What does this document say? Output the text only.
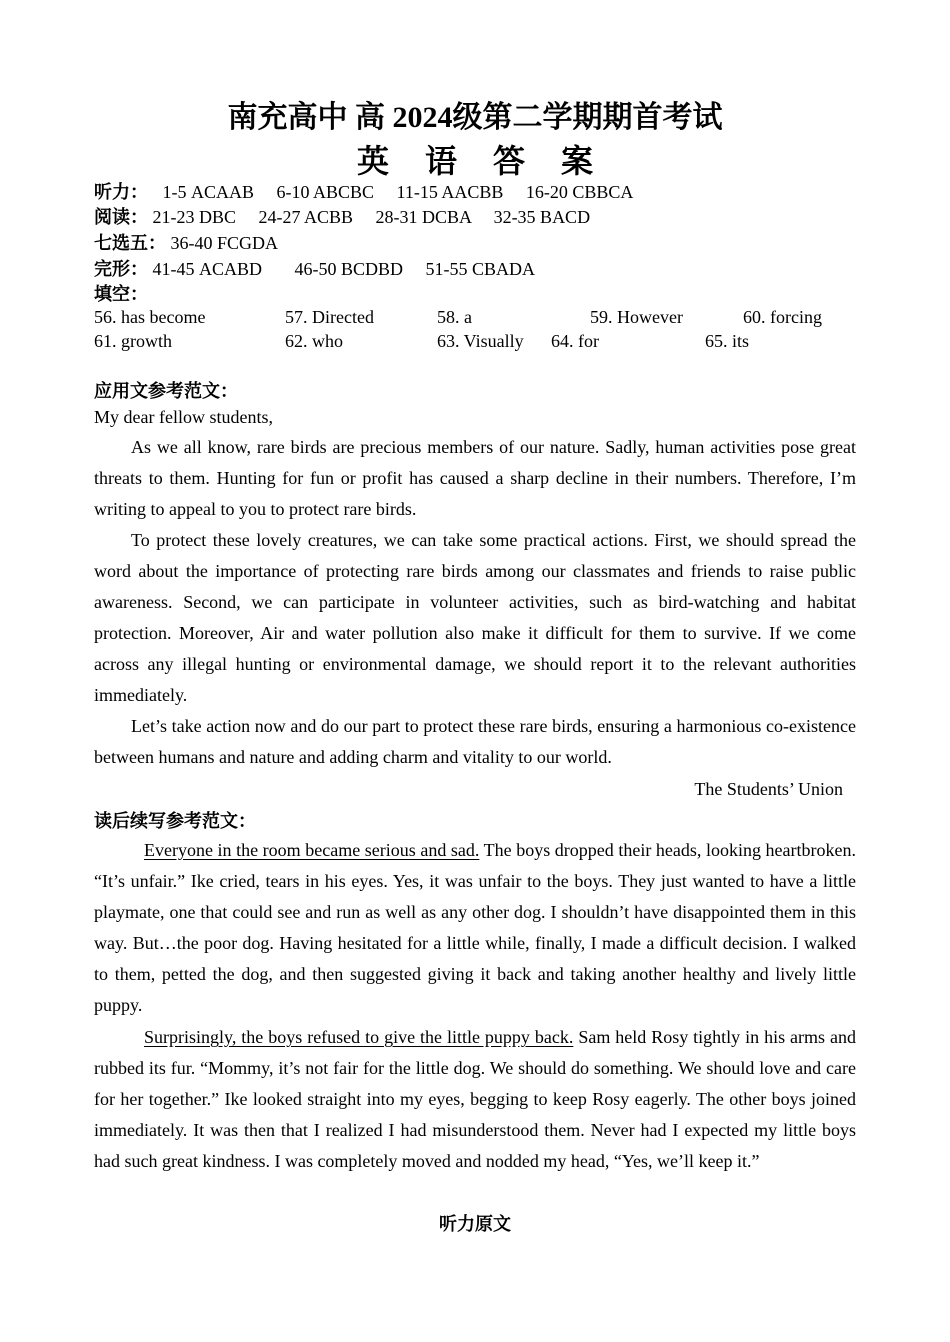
南充高中 高 2024级第二学期期首考试
英 语 答 案
听力： 1-5 ACAAB 6-10 ABCBC 11-15 AACBB 16-20 CBBCA
阅读： 21-23 DBC 24-27 ACBB 28-31 DCBA 32-35 BACD
七选五： 36-40 FCGDA
完形： 41-45 ACABD 46-50 BCDBD 51-55 CBADA
填空：
56. has become	57. Directed	58. a	59. However	60. forcing
61. growth	62. who	63. Visually 64. for	65. its
应用文参考范文：
My dear fellow students,
As we all know, rare birds are precious members of our nature. Sadly, human activities pose great threats to them. Hunting for fun or profit has caused a sharp decline in their numbers. Therefore, I’m writing to appeal to you to protect rare birds.
To protect these lovely creatures, we can take some practical actions. First, we should spread the word about the importance of protecting rare birds among our classmates and friends to raise public awareness. Second, we can participate in volunteer activities, such as bird-watching and habitat protection. Moreover, Air and water pollution also make it difficult for them to survive. If we come across any illegal hunting or environmental damage, we should report it to the relevant authorities immediately.
Let’s take action now and do our part to protect these rare birds, ensuring a harmonious co-existence between humans and nature and adding charm and vitality to our world.
The Students’ Union
读后续写参考范文：
Everyone in the room became serious and sad. The boys dropped their heads, looking heartbroken. “It’s unfair.” Ike cried, tears in his eyes. Yes, it was unfair to the boys. They just wanted to have a little playmate, one that could see and run as well as any other dog. I shouldn’t have disappointed them in this way. But…the poor dog. Having hesitated for a little while, finally, I made a difficult decision. I walked to them, petted the dog, and then suggested giving it back and taking another healthy and lively little puppy.
Surprisingly, the boys refused to give the little puppy back. Sam held Rosy tightly in his arms and rubbed its fur. “Mommy, it’s not fair for the little dog. We should do something. We should love and care for her together.” Ike looked straight into my eyes, begging to keep Rosy eagerly. The other boys joined immediately. It was then that I realized I had misunderstood them. Never had I expected my little boys had such great kindness. I was completely moved and nodded my head, “Yes, we’ll keep it.”
听力原文
